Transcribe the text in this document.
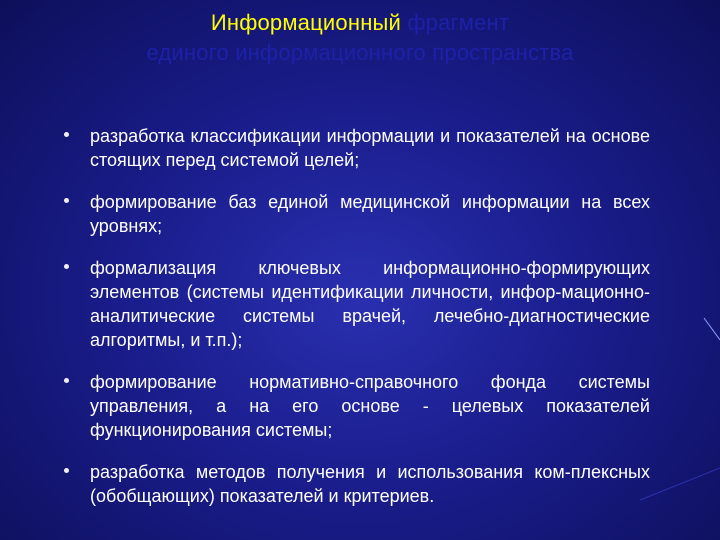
Информационный фрагмент
единого информационного пространства
разработка классификации информации и показателей на основе стоящих перед системой целей;
формирование баз единой медицинской информации на всех уровнях;
формализация ключевых информационно-формирующих элементов (системы идентификации личности, инфор-мационно-аналитические системы врачей, лечебно-диагностические алгоритмы, и т.п.);
формирование нормативно-справочного фонда системы управления, а на его основе - целевых показателей функционирования системы;
разработка методов получения и использования ком-плексных (обобщающих) показателей и критериев.
